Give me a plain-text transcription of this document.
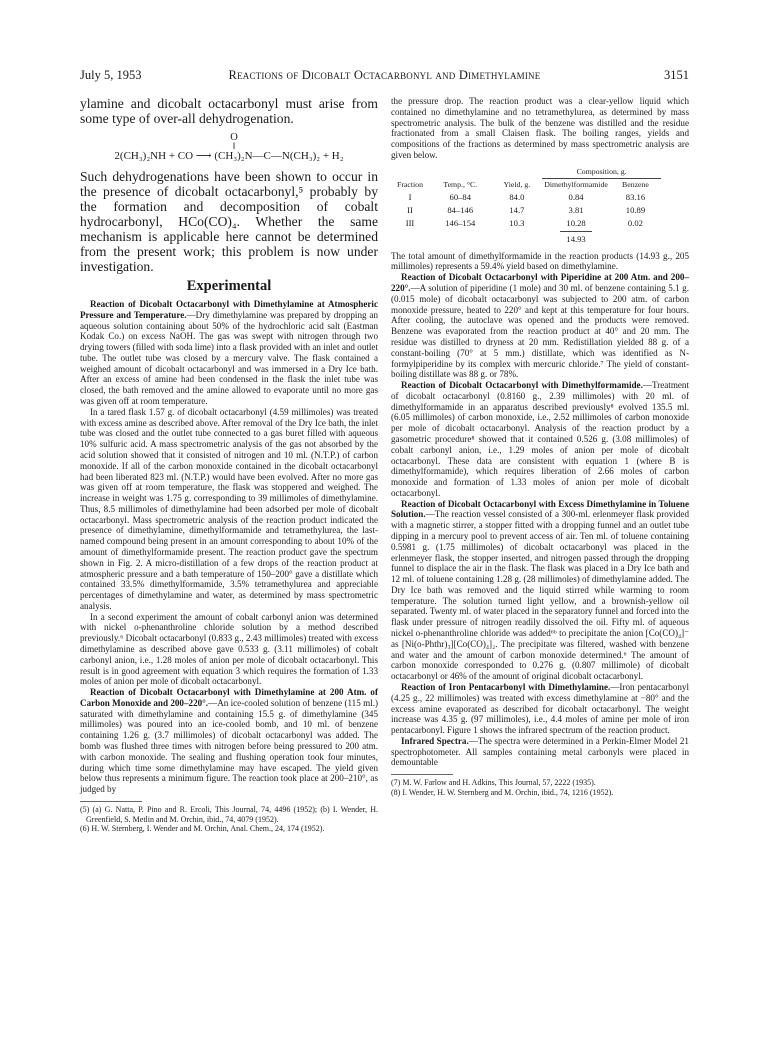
July 5, 1953	Reactions of Dicobalt Octacarbonyl and Dimethylamine	3151

ylamine and dicobalt octacarbonyl must arise from some type of over-all dehydrogenation.

O
‖
2(CH₃)₂NH + CO ⟶ (CH₃)₂N—C—N(CH₃)₂ + H₂

Such dehydrogenations have been shown to occur in the presence of dicobalt octacarbonyl,⁵ probably by the formation and decomposition of cobalt hydrocarbonyl, HCo(CO)₄. Whether the same mechanism is applicable here cannot be determined from the present work; this problem is now under investigation.

Experimental

Reaction of Dicobalt Octacarbonyl with Dimethylamine at Atmospheric Pressure and Temperature.—Dry dimethylamine was prepared by dropping an aqueous solution containing about 50% of the hydrochloric acid salt (Eastman Kodak Co.) on excess NaOH. The gas was swept with nitrogen through two drying towers (filled with soda lime) into a flask provided with an inlet and outlet tube. The outlet tube was closed by a mercury valve. The flask contained a weighed amount of dicobalt octacarbonyl and was immersed in a Dry Ice bath. After an excess of amine had been condensed in the flask the inlet tube was closed, the bath removed and the amine allowed to evaporate until no more gas was given off at room temperature.

In a tared flask 1.57 g. of dicobalt octacarbonyl (4.59 millimoles) was treated with excess amine as described above. After removal of the Dry Ice bath, the inlet tube was closed and the outlet tube connected to a gas buret filled with aqueous 10% sulfuric acid. A mass spectrometric analysis of the gas not absorbed by the acid solution showed that it consisted of nitrogen and 10 ml. (N.T.P.) of carbon monoxide. If all of the carbon monoxide contained in the dicobalt octacarbonyl had been liberated 823 ml. (N.T.P.) would have been evolved. After no more gas was given off at room temperature, the flask was stoppered and weighed. The increase in weight was 1.75 g. corresponding to 39 millimoles of dimethylamine. Thus, 8.5 millimoles of dimethylamine had been adsorbed per mole of dicobalt octacarbonyl. Mass spectrometric analysis of the reaction product indicated the presence of dimethylamine, dimethylformamide and tetramethylurea, the last-named compound being present in an amount corresponding to about 10% of the amount of dimethylformamide present. The reaction product gave the spectrum shown in Fig. 2. A micro-distillation of a few drops of the reaction product at atmospheric pressure and a bath temperature of 150–200° gave a distillate which contained 33.5% dimethylformamide, 3.5% tetramethylurea and appreciable percentages of dimethylamine and water, as determined by mass spectrometric analysis.

In a second experiment the amount of cobalt carbonyl anion was determined with nickel o-phenanthroline chloride solution by a method described previously.⁶ Dicobalt octacarbonyl (0.833 g., 2.43 millimoles) treated with excess dimethylamine as described above gave 0.533 g. (3.11 millimoles) of cobalt carbonyl anion, i.e., 1.28 moles of anion per mole of dicobalt octacarbonyl. This result is in good agreement with equation 3 which requires the formation of 1.33 moles of anion per mole of dicobalt octacarbonyl.

Reaction of Dicobalt Octacarbonyl with Dimethylamine at 200 Atm. of Carbon Monoxide and 200–220°.—An ice-cooled solution of benzene (115 ml.) saturated with dimethylamine and containing 15.5 g. of dimethylamine (345 millimoles) was poured into an ice-cooled bomb, and 10 ml. of benzene containing 1.26 g. (3.7 millimoles) of dicobalt octacarbonyl was added. The bomb was flushed three times with nitrogen before being pressured to 200 atm. with carbon monoxide. The sealing and flushing operation took four minutes, during which time some dimethylamine may have escaped. The yield given below thus represents a minimum figure. The reaction took place at 200–210°, as judged by

(5) (a) G. Natta, P. Pino and R. Ercoli, This Journal, 74, 4496 (1952); (b) I. Wender, H. Greenfield, S. Metlin and M. Orchin, ibid., 74, 4079 (1952).

(6) H. W. Sternberg, I. Wender and M. Orchin, Anal. Chem., 24, 174 (1952).

the pressure drop. The reaction product was a clear-yellow liquid which contained no dimethylamine and no tetramethylurea, as determined by mass spectrometric analysis. The bulk of the benzene was distilled and the residue fractionated from a small Claisen flask. The boiling ranges, yields and compositions of the fractions as determined by mass spectrometric analysis are given below.

Fraction	Temp., °C.	Yield, g.	Composition, g.	
			Dimethylformamide	Benzene
I	60–84	84.0	0.84	83.16
II	84–146	14.7	3.81	10.89
III	146–154	10.3	10.28	0.02
			14.93	

The total amount of dimethylformamide in the reaction products (14.93 g., 205 millimoles) represents a 59.4% yield based on dimethylamine.

Reaction of Dicobalt Octacarbonyl with Piperidine at 200 Atm. and 200–220°.—A solution of piperidine (1 mole) and 30 ml. of benzene containing 5.1 g. (0.015 mole) of dicobalt octacarbonyl was subjected to 200 atm. of carbon monoxide pressure, heated to 220° and kept at this temperature for four hours. After cooling, the autoclave was opened and the products were removed. Benzene was evaporated from the reaction product at 40° and 20 mm. The residue was distilled to dryness at 20 mm. Redistillation yielded 88 g. of a constant-boiling (70° at 5 mm.) distillate, which was identified as N-formylpiperidine by its complex with mercuric chloride.⁷ The yield of constant-boiling distillate was 88 g. or 78%.

Reaction of Dicobalt Octacarbonyl with Dimethylformamide.—Treatment of dicobalt octacarbonyl (0.8160 g., 2.39 millimoles) with 20 ml. of dimethylformamide in an apparatus described previously⁸ evolved 135.5 ml. (6.05 millimoles) of carbon monoxide, i.e., 2.52 millimoles of carbon monoxide per mole of dicobalt octacarbonyl. Analysis of the reaction product by a gasometric procedure⁸ showed that it contained 0.526 g. (3.08 millimoles) of cobalt carbonyl anion, i.e., 1.29 moles of anion per mole of dicobalt octacarbonyl. These data are consistent with equation 1 (where B is dimethylformamide), which requires liberation of 2.66 moles of carbon monoxide and formation of 1.33 moles of anion per mole of dicobalt octacarbonyl.

Reaction of Dicobalt Octacarbonyl with Excess Dimethylamine in Toluene Solution.—The reaction vessel consisted of a 300-ml. erlenmeyer flask provided with a magnetic stirrer, a stopper fitted with a dropping funnel and an outlet tube dipping in a mercury pool to prevent access of air. Ten ml. of toluene containing 0.5981 g. (1.75 millimoles) of dicobalt octacarbonyl was placed in the erlenmeyer flask, the stopper inserted, and nitrogen passed through the dropping funnel to displace the air in the flask. The flask was placed in a Dry Ice bath and 12 ml. of toluene containing 1.28 g. (28 millimoles) of dimethylamine added. The Dry Ice bath was removed and the liquid stirred while warming to room temperature. The solution turned light yellow, and a brownish-yellow oil separated. Twenty ml. of water placed in the separatory funnel and forced into the flask under pressure of nitrogen readily dissolved the oil. Fifty ml. of aqueous nickel o-phenanthroline chloride was added⁶ᵇ to precipitate the anion [Co(CO)₄]⁻ as [Ni(o-Phthr)₃][Co(CO)₄]₂. The precipitate was filtered, washed with benzene and water and the amount of carbon monoxide determined.⁶ The amount of carbon monoxide corresponded to 0.276 g. (0.807 millimole) of dicobalt octacarbonyl or 46% of the amount of original dicobalt octacarbonyl.

Reaction of Iron Pentacarbonyl with Dimethylamine.—Iron pentacarbonyl (4.25 g., 22 millimoles) was treated with excess dimethylamine at −80° and the excess amine evaporated as described for dicobalt octacarbonyl. The weight increase was 4.35 g. (97 millimoles), i.e., 4.4 moles of amine per mole of iron pentacarbonyl. Figure 1 shows the infrared spectrum of the reaction product.

Infrared Spectra.—The spectra were determined in a Perkin-Elmer Model 21 spectrophotometer. All samples containing metal carbonyls were placed in demountable

(7) M. W. Farlow and H. Adkins, This Journal, 57, 2222 (1935).

(8) I. Wender, H. W. Sternberg and M. Orchin, ibid., 74, 1216 (1952).
